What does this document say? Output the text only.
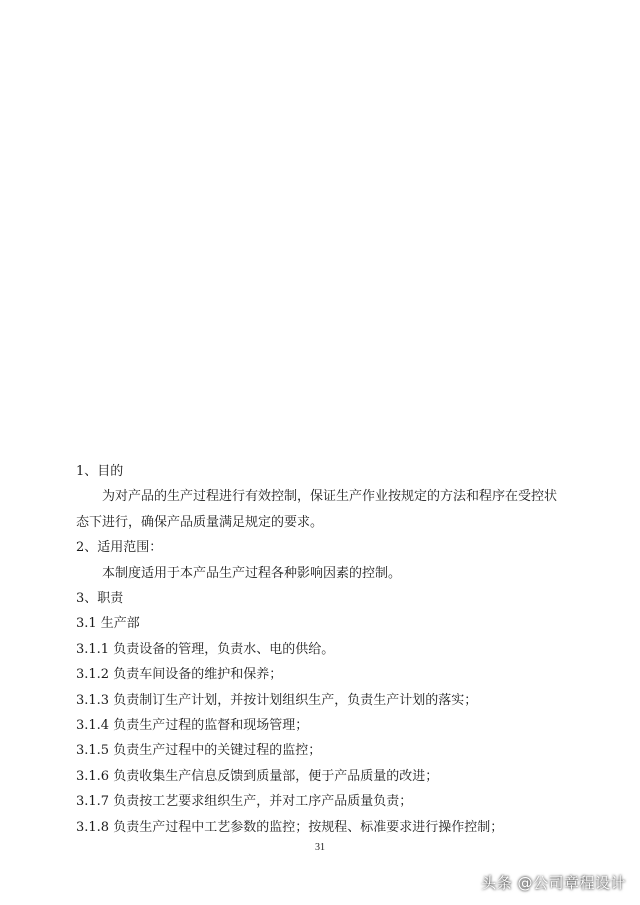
1、目的
为对产品的生产过程进行有效控制，保证生产作业按规定的方法和程序在受控状
态下进行，确保产品质量满足规定的要求。
2、适用范围：
本制度适用于本产品生产过程各种影响因素的控制。
3、职责
3.1 生产部
3.1.1 负责设备的管理，负责水、电的供给。
3.1.2 负责车间设备的维护和保养；
3.1.3 负责制订生产计划，并按计划组织生产，负责生产计划的落实；
3.1.4 负责生产过程的监督和现场管理；
3.1.5 负责生产过程中的关键过程的监控；
3.1.6 负责收集生产信息反馈到质量部，便于产品质量的改进；
3.1.7 负责按工艺要求组织生产，并对工序产品质量负责；
3.1.8 负责生产过程中工艺参数的监控；按规程、标准要求进行操作控制；
31
头条 @公司章程设计
